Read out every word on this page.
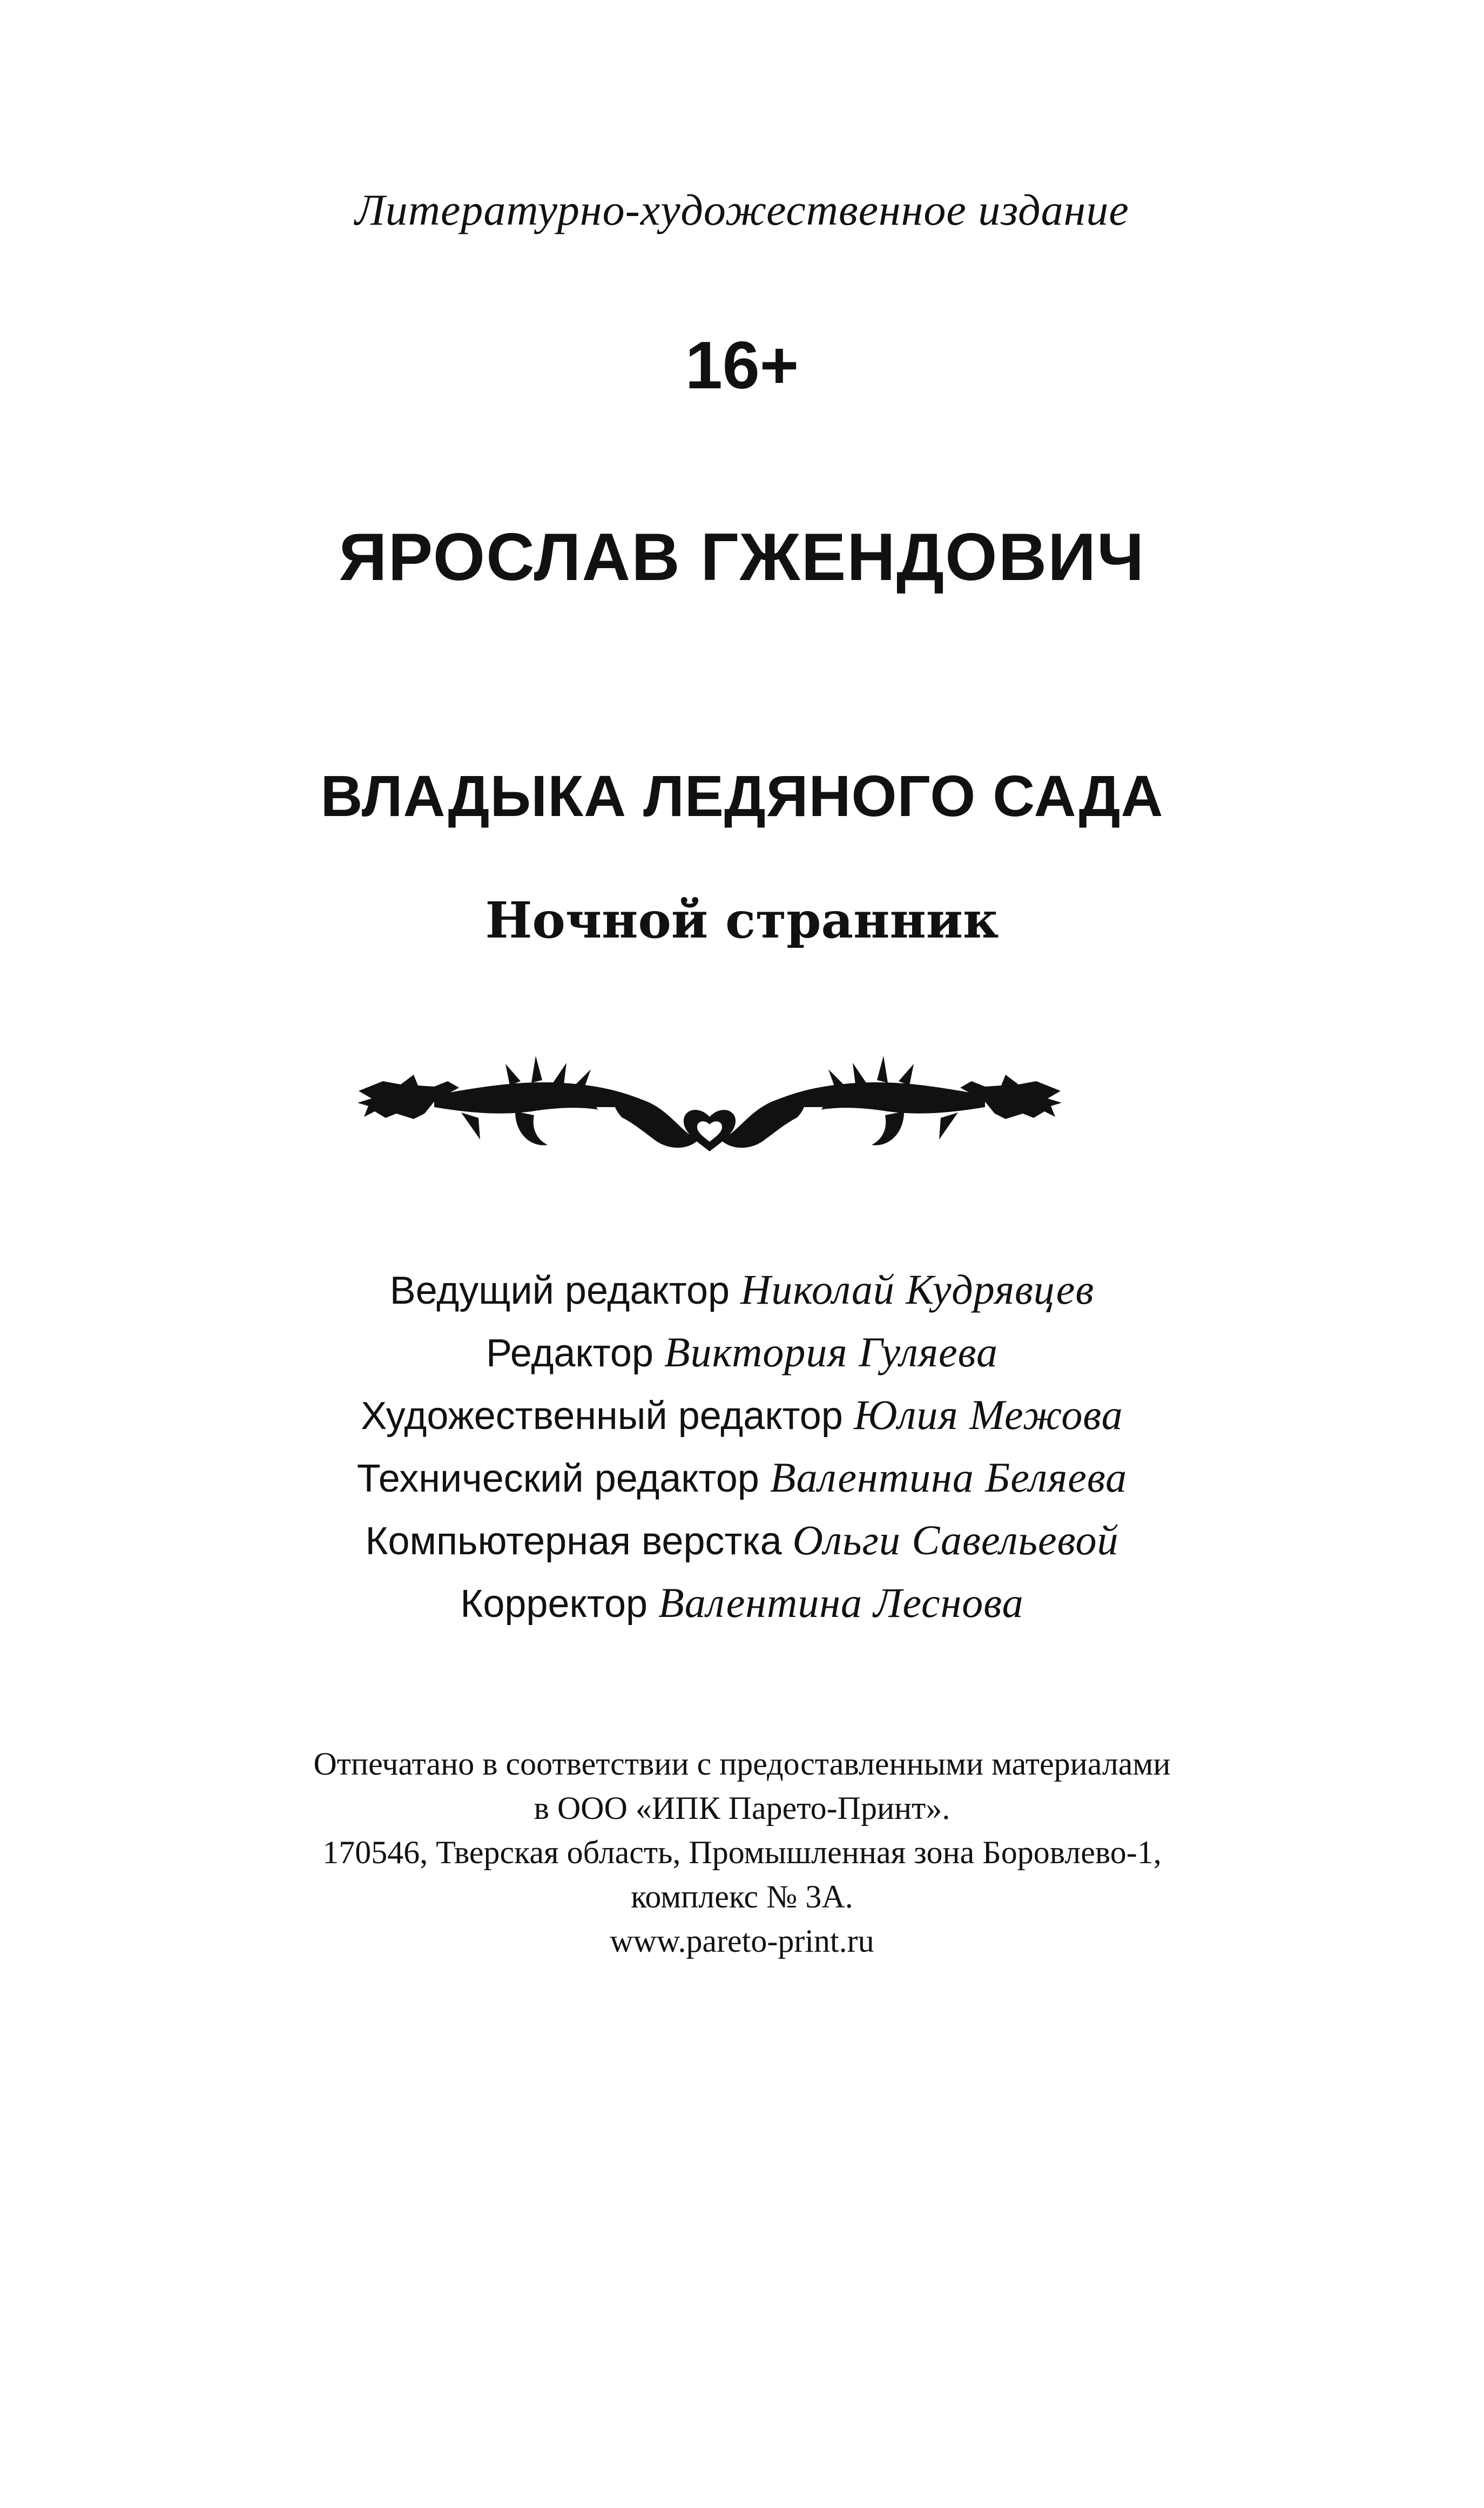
Литературно-художественное издание
16+
ЯРОСЛАВ ГЖЕНДОВИЧ
ВЛАДЫКА ЛЕДЯНОГО САДА
Ночной странник
Ведущий редактор Николай Кудрявцев
Редактор Виктория Гуляева
Художественный редактор Юлия Межова
Технический редактор Валентина Беляева
Компьютерная верстка Ольги Савельевой
Корректор Валентина Леснова
Отпечатано в соответствии с предоставленными материалами
в ООО «ИПК Парето-Принт».
170546, Тверская область, Промышленная зона Боровлево-1,
комплекс № 3А.
www.pareto-print.ru
